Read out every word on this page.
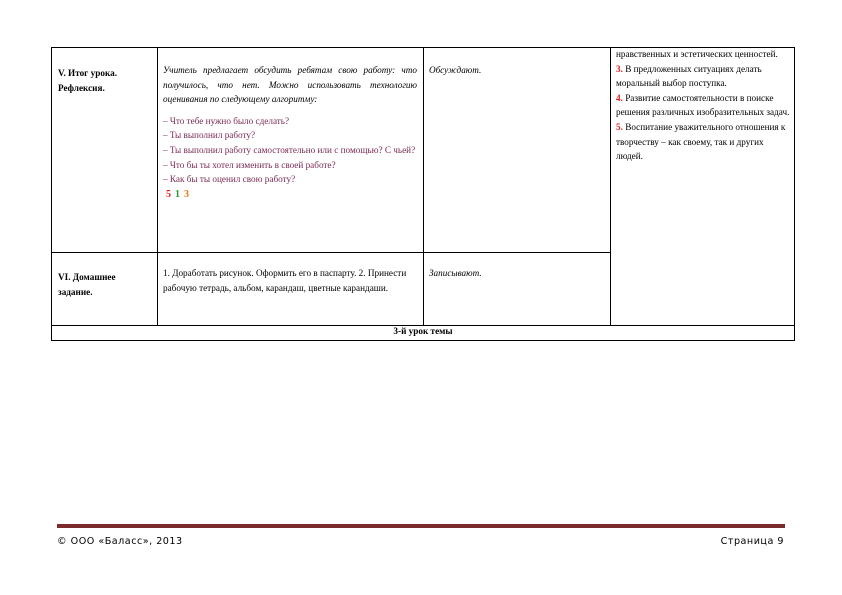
V. Итог урока. Рефлексия.
Учитель предлагает обсудить ребятам свою работу: что получилось, что нет. Можно использовать технологию оценивания по следующему алгоритму:
– Что тебе нужно было сделать?
– Ты выполнил работу?
– Ты выполнил работу самостоятельно или с помощью? С чьей?
– Что бы ты хотел изменить в своей работе?
– Как бы ты оценил свою работу?
5 1 3
Обсуждают.
нравственных и эстетических ценностей.
3. В предложенных ситуациях делать моральный выбор поступка.
4. Развитие самостоятельности в поиске решения различных изобразительных задач.
5. Воспитание уважительного отношения к творчеству – как своему, так и других людей.
VI. Домашнее задание.
1. Доработать рисунок. Оформить его в паспарту. 2. Принести рабочую тетрадь, альбом, карандаш, цветные карандаши.
Записывают.
3-й урок темы
© ООО «Баласс», 2013	Страница 9
